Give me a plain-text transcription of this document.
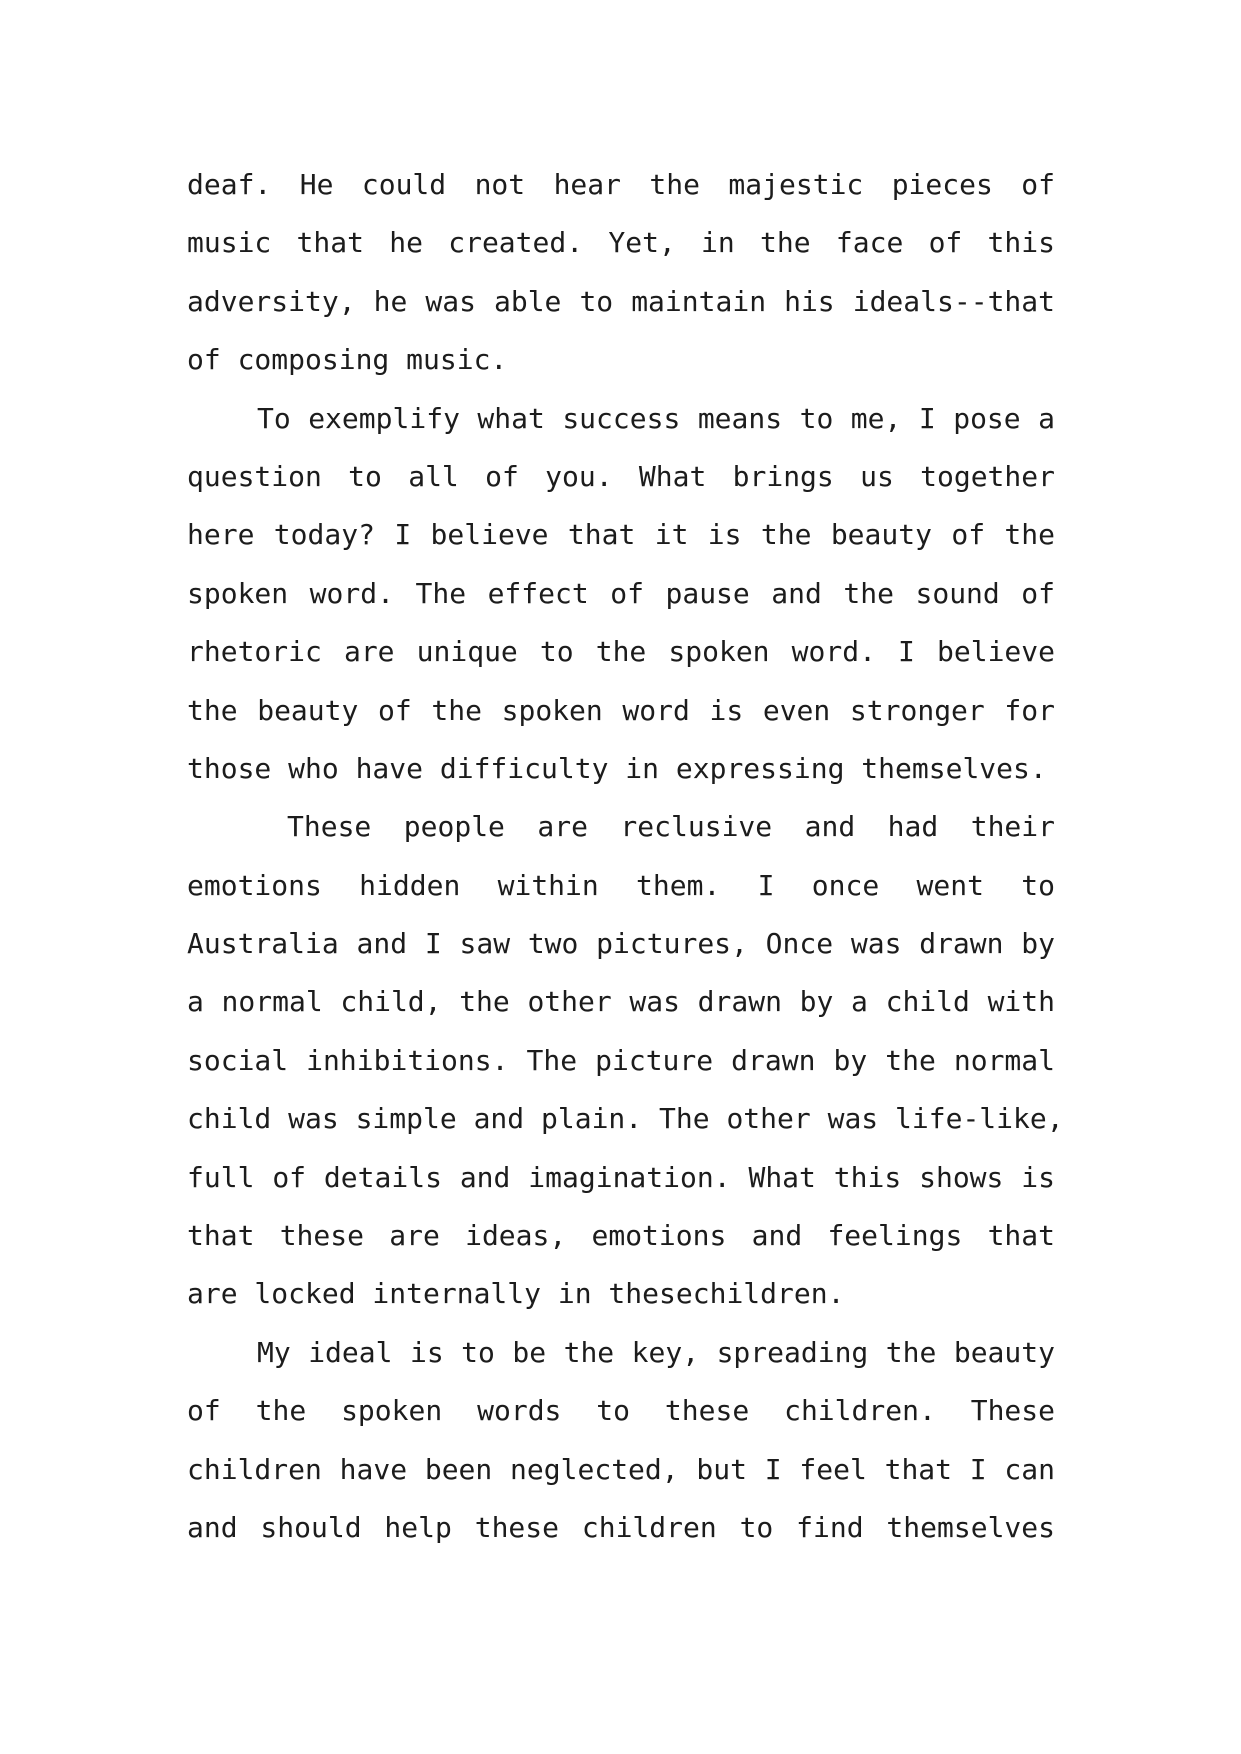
deaf. He could not hear the majestic pieces of
music that he created. Yet, in the face of this
adversity, he was able to maintain his ideals--that
of composing music.
To exemplify what success means to me, I pose a
question to all of you. What brings us together
here today? I believe that it is the beauty of the
spoken word. The effect of pause and the sound of
rhetoric are unique to the spoken word. I believe
the beauty of the spoken word is even stronger for
those who have difficulty in expressing themselves.
These people are reclusive and had their
emotions hidden within them. I once went to
Australia and I saw two pictures, Once was drawn by
a normal child, the other was drawn by a child with
social inhibitions. The picture drawn by the normal
child was simple and plain. The other was life-like,
full of details and imagination. What this shows is
that these are ideas, emotions and feelings that
are locked internally in thesechildren.
My ideal is to be the key, spreading the beauty
of the spoken words to these children. These
children have been neglected, but I feel that I can
and should help these children to find themselves
